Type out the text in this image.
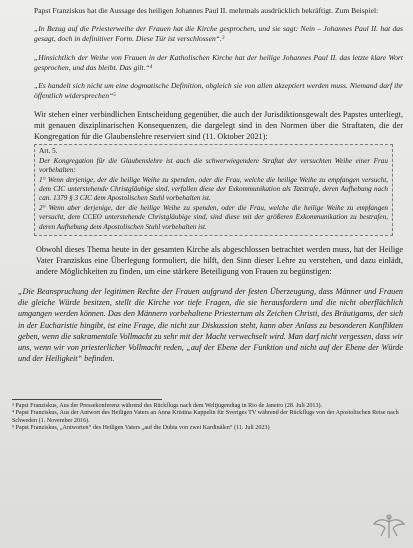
Papst Franziskus hat die Aussage des heiligen Johannes Paul II. mehrmals ausdrücklich bekräftigt. Zum Beispiel:

„In Bezug auf die Priesterweihe der Frauen hat die Kirche gesprochen, und sie sagt: Nein – Johannes Paul II. hat das gesagt, doch in definitiver Form. Diese Tür ist verschlossen“.$^3$

„Hinsichtlich der Weihe von Frauen in der Katholischen Kirche hat der heilige Johannes Paul II. das letzte klare Wort gesprochen, und das bleibt. Das gilt.“$^4$

„Es handelt sich nicht um eine dogmatische Definition, obgleich sie von allen akzeptiert werden muss. Niemand darf ihr öffentlich widersprechen“$^5$

Wir stehen einer verbindlichen Entscheidung gegenüber, die auch der Jurisdiktionsgewalt des Papstes unterliegt, mit genauen disziplinarischen Konsequenzen, die dargelegt sind in den Normen über die Straftaten, die der Kongregation für die Glaubenslehre reserviert sind (11. Oktober 2021):

Art. 5.

Der Kongregation für die Glaubenslehre ist auch die schwerwiegendere Straftat der versuchten Weihe einer Frau vorbehalten:

1° Wenn derjenige, der die heilige Weihe zu spenden, oder die Frau, welche die heilige Weihe zu empfangen versucht, dem CIC unterstehende Christgläubige sind, verfallen diese der Exkommunikation als Tatstrafe, deren Aufhebung nach can. 1379 § 3 CIC dem Apostolischen Stuhl vorbehalten ist.

2° Wenn aber derjenige, der die heilige Weihe zu spenden, oder die Frau, welche die heilige Weihe zu empfangen versucht, dem CCEO unterstehende Christgläubige sind, sind diese mit der größeren Exkommunikation zu bestrafen, deren Aufhebung dem Apostolischen Stuhl vorbehalten ist.

Obwohl dieses Thema heute in der gesamten Kirche als abgeschlossen betrachtet werden muss, hat der Heilige Vater Franziskus eine Überlegung formuliert, die hilft, den Sinn dieser Lehre zu verstehen, und dazu einlädt, andere Möglichkeiten zu finden, um eine stärkere Beteiligung von Frauen zu begünstigen:

„Die Beanspruchung der legitimen Rechte der Frauen aufgrund der festen Überzeugung, dass Männer und Frauen die gleiche Würde besitzen, stellt die Kirche vor tiefe Fragen, die sie herausfordern und die nicht oberflächlich umgangen werden können. Das den Männern vorbehaltene Priestertum als Zeichen Christi, des Bräutigams, der sich in der Eucharistie hingibt, ist eine Frage, die nicht zur Diskussion steht, kann aber Anlass zu besonderen Konflikten geben, wenn die sakramentale Vollmacht zu sehr mit der Macht verwechselt wird. Man darf nicht vergessen, dass wir uns, wenn wir von priesterlicher Vollmacht reden, „auf der Ebene der Funktion und nicht auf der Ebene der Würde und der Heiligkeit“ befinden.

³ Papst Franziskus, Aus der Pressekonferenz während des Rückflugs nach dem Weltjugendtag in Rio de Janeiro (28. Juli 2013).

⁴ Papst Franziskus, Aus der Antwort des Heiligen Vaters an Anna Kristina Kappelin für Sveriges TV während der Rückflugs von der Apostolischen Reise nach Schweden (1. November 2016).

⁵ Papst Franziskus, „Antworten“ des Heiligen Vaters „auf die Dubia von zwei Kardinälen“ (11. Juli 2023)
